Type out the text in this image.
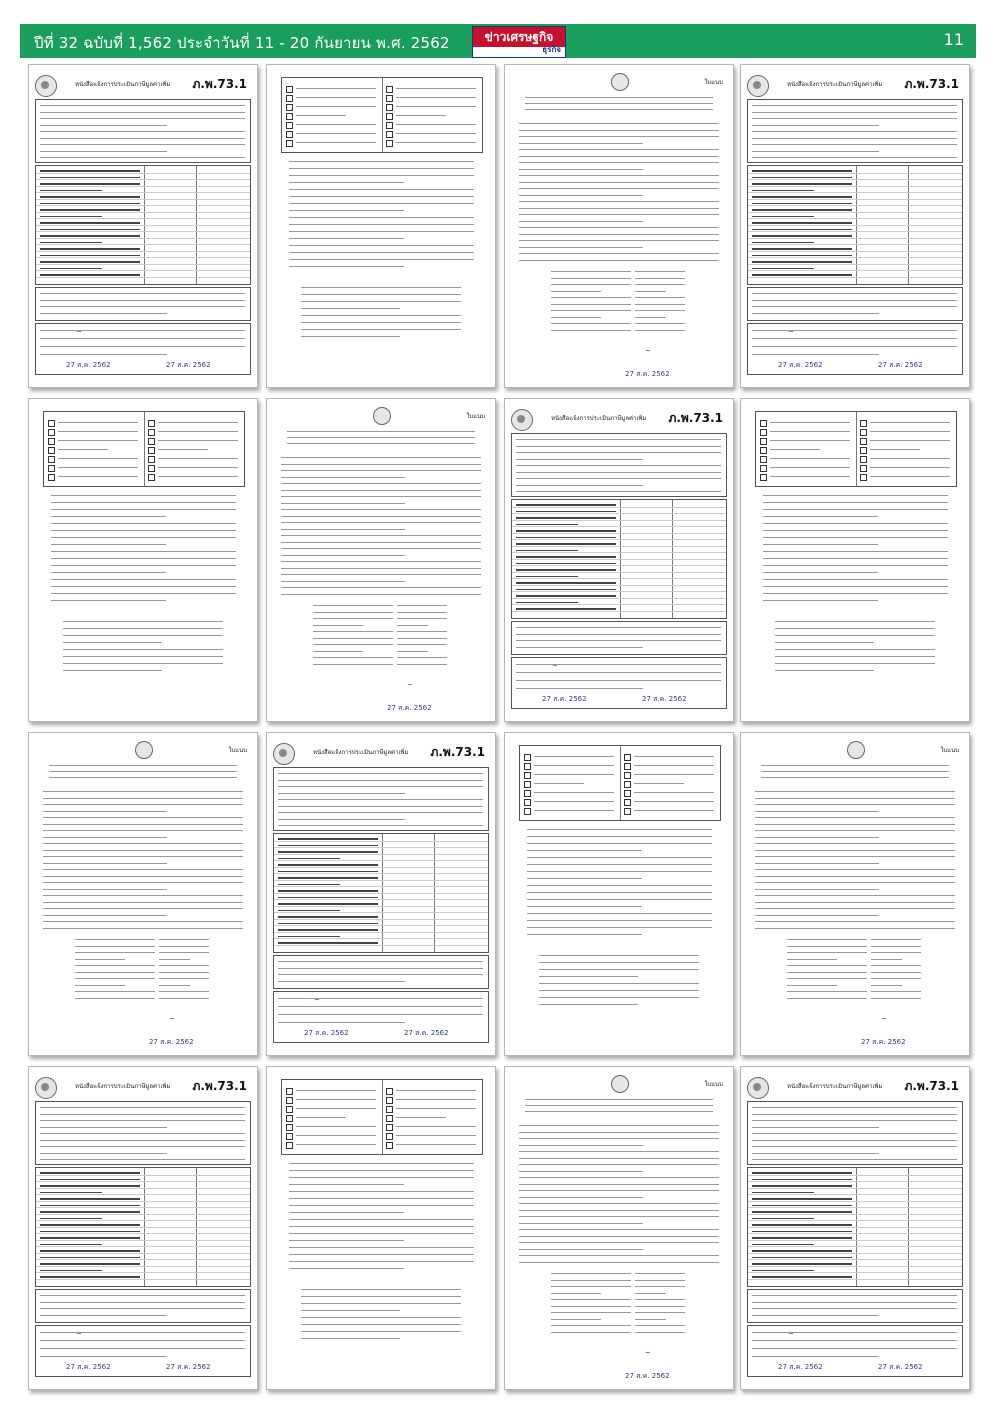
ปีที่ 32 ฉบับที่ 1,562 ประจำวันที่ 11 - 20 กันยายน พ.ศ. 2562	ข่าวเศรษฐกิจ
ธุรกิจ
11
หนังสือแจ้งการประเมินภาษีมูลค่าเพิ่ม ภ.พ.73.1
~
27 ส.ค. 2562	27 ส.ค. 2562
ใบแนบ
~
27 ส.ค. 2562
หนังสือแจ้งการประเมินภาษีมูลค่าเพิ่ม ภ.พ.73.1
~
27 ส.ค. 2562	27 ส.ค. 2562
ใบแนบ
~
27 ส.ค. 2562
หนังสือแจ้งการประเมินภาษีมูลค่าเพิ่ม ภ.พ.73.1
~
27 ส.ค. 2562	27 ส.ค. 2562
ใบแนบ
~
27 ส.ค. 2562
หนังสือแจ้งการประเมินภาษีมูลค่าเพิ่ม ภ.พ.73.1
~
27 ส.ค. 2562	27 ส.ค. 2562
ใบแนบ
~
27 ส.ค. 2562
หนังสือแจ้งการประเมินภาษีมูลค่าเพิ่ม ภ.พ.73.1
~
27 ส.ค. 2562	27 ส.ค. 2562
ใบแนบ
~
27 ส.ค. 2562
หนังสือแจ้งการประเมินภาษีมูลค่าเพิ่ม ภ.พ.73.1
~
27 ส.ค. 2562	27 ส.ค. 2562
